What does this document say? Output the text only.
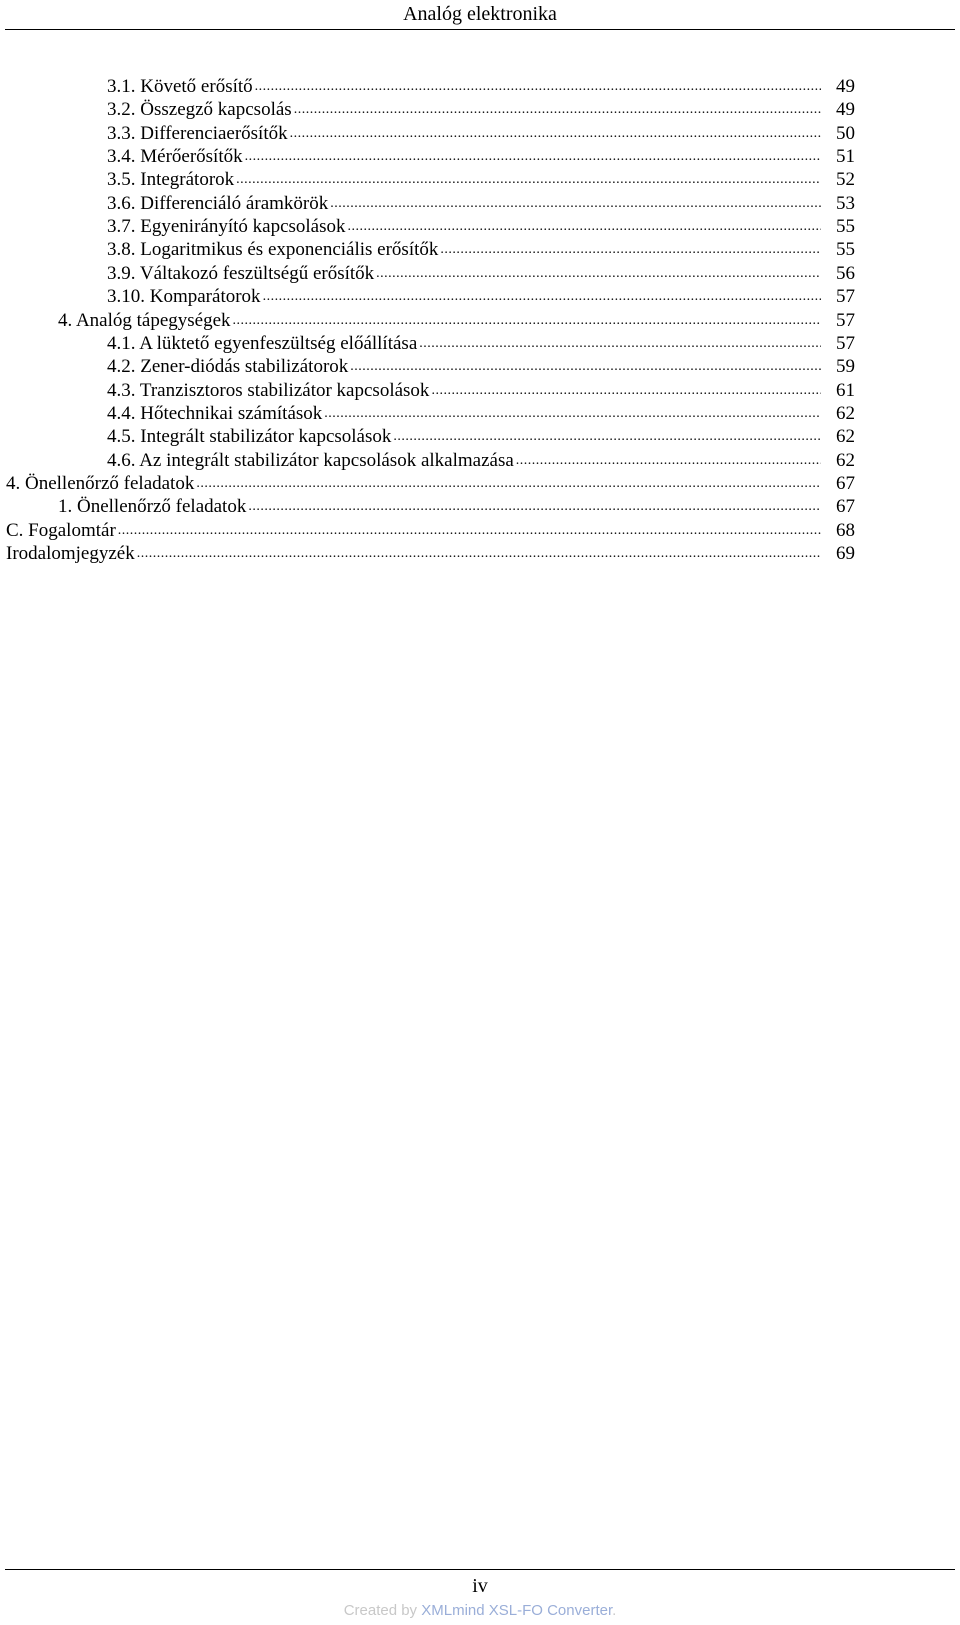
Analóg elektronika
3.1. Követő erősítő .....	49
3.2. Összegző kapcsolás .....	49
3.3. Differenciaerősítők .....	50
3.4. Mérőerősítők .....	51
3.5. Integrátorok .....	52
3.6. Differenciáló áramkörök .....	53
3.7. Egyenirányító kapcsolások .....	55
3.8. Logaritmikus és exponenciális erősítők .....	55
3.9. Váltakozó feszültségű erősítők .....	56
3.10. Komparátorok .....	57
4. Analóg tápegységek .....	57
4.1. A lüktető egyenfeszültség előállítása .....	57
4.2. Zener-diódás stabilizátorok .....	59
4.3. Tranzisztoros stabilizátor kapcsolások .....	61
4.4. Hőtechnikai számítások .....	62
4.5. Integrált stabilizátor kapcsolások .....	62
4.6. Az integrált stabilizátor kapcsolások alkalmazása .....	62
4. Önellenőrző feladatok .....	67
1. Önellenőrző feladatok .....	67
C. Fogalomtár .....	68
Irodalomjegyzék .....	69
iv
Created by XMLmind XSL-FO Converter.
